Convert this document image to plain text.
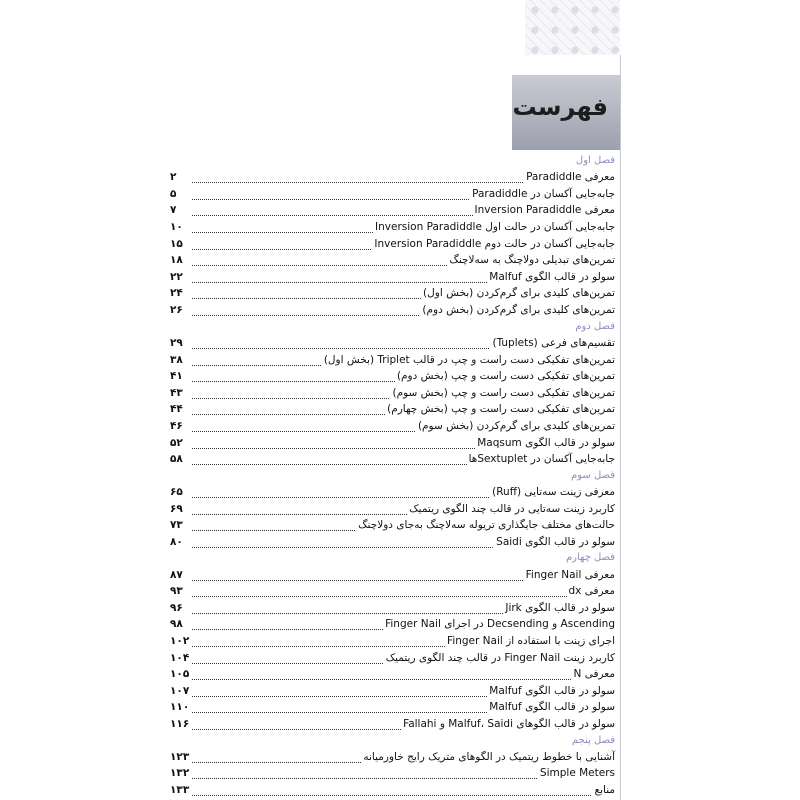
فهرست
فصل اول
معرفی Paradiddle
۲
جابه‌جایی آکسان در Paradiddle
۵
معرفی Inversion Paradiddle
۷
جابه‌جایی آکسان در حالت اول Inversion Paradiddle
۱۰
جابه‌جایی آکسان در حالت دوم Inversion Paradiddle
۱۵
تمرین‌های تبدیلی دولاچنگ به سه‌لاچنگ
۱۸
سولو در قالب الگوی Malfuf
۲۲
تمرین‌های کلیدی برای گرم‌کردن (بخش اول)
۲۴
تمرین‌های کلیدی برای گرم‌کردن (بخش دوم)
۲۶
فصل دوم
تقسیم‌های فرعی (Tuplets)
۲۹
تمرین‌های تفکیکی دست راست و چپ در قالب Triplet (بخش اول)
۳۸
تمرین‌های تفکیکی دست راست و چپ (بخش دوم)
۴۱
تمرین‌های تفکیکی دست راست و چپ (بخش سوم)
۴۳
تمرین‌های تفکیکی دست راست و چپ (بخش چهارم)
۴۴
تمرین‌های کلیدی برای گرم‌کردن (بخش سوم)
۴۶
سولو در قالب الگوی Maqsum
۵۲
جابه‌جایی آکسان در Sextupletها
۵۸
فصل سوم
معرفی زینت سه‌تایی (Ruff)
۶۵
کاربرد زینت سه‌تایی در قالب چند الگوی ریتمیک
۶۹
حالت‌های مختلف جایگذاری تریوله سه‌لاچنگ به‌جای دولاچنگ
۷۳
سولو در قالب الگوی Saidi
۸۰
فصل چهارم
معرفی Finger Nail
۸۷
معرفی dx
۹۳
سولو در قالب الگوی Jirk
۹۶
Ascending و Decsending در اجرای Finger Nail
۹۸
اجرای زینت با استفاده از Finger Nail
۱۰۲
کاربرد زینت Finger Nail در قالب چند الگوی ریتمیک
۱۰۴
معرفی N
۱۰۵
سولو در قالب الگوی Malfuf
۱۰۷
سولو در قالب الگوی Malfuf
۱۱۰
سولو در قالب الگوهای Malfuf، Saidi و Fallahi
۱۱۶
فصل پنجم
آشنایی با خطوط ریتمیک در الگوهای متریک رایج خاورمیانه
۱۲۳
Simple Meters
۱۳۲
منابع
۱۳۳
